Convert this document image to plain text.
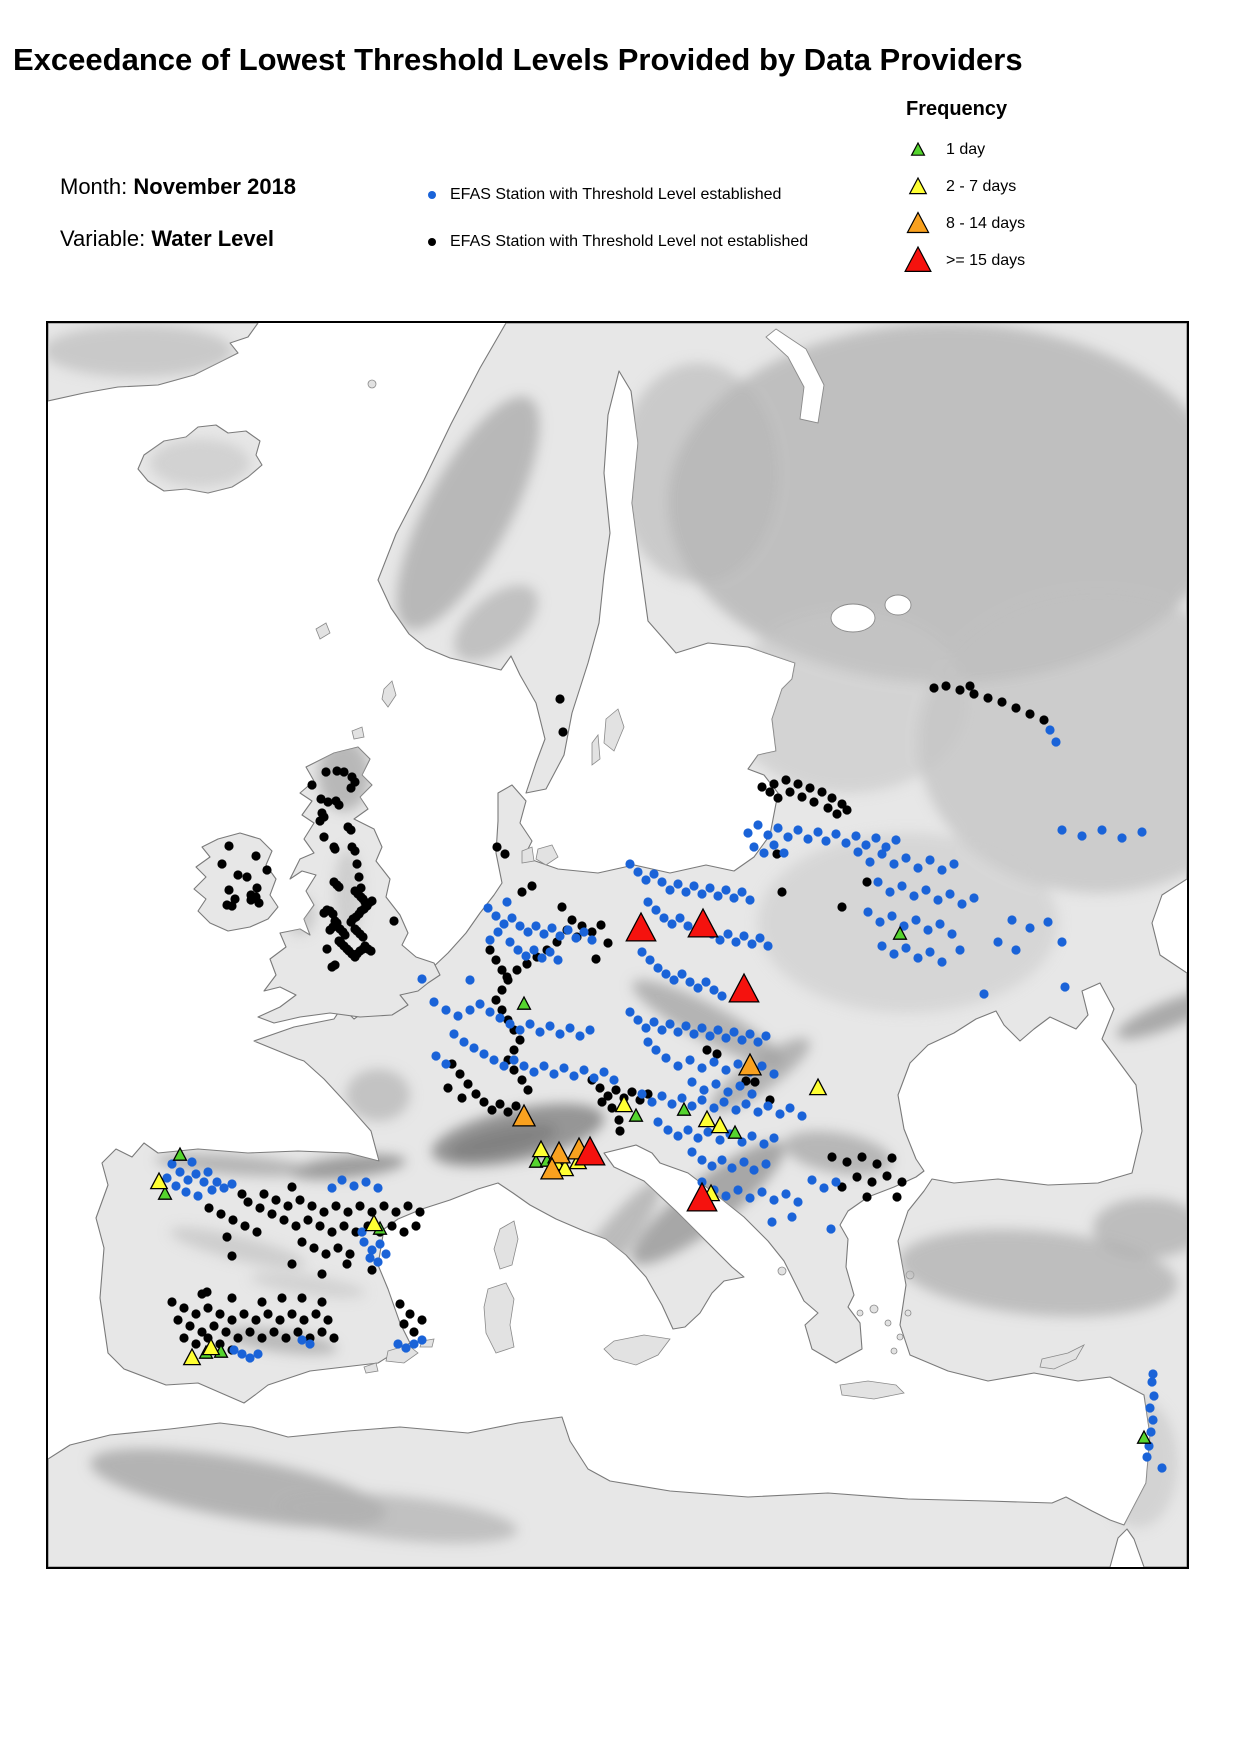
Exceedance of Lowest Threshold Levels Provided by Data Providers
Month: November 2018
Variable: Water Level
EFAS Station with Threshold Level established
EFAS Station with Threshold Level not established
Frequency
1 day
2 - 7 days
8 - 14 days
>= 15 days
